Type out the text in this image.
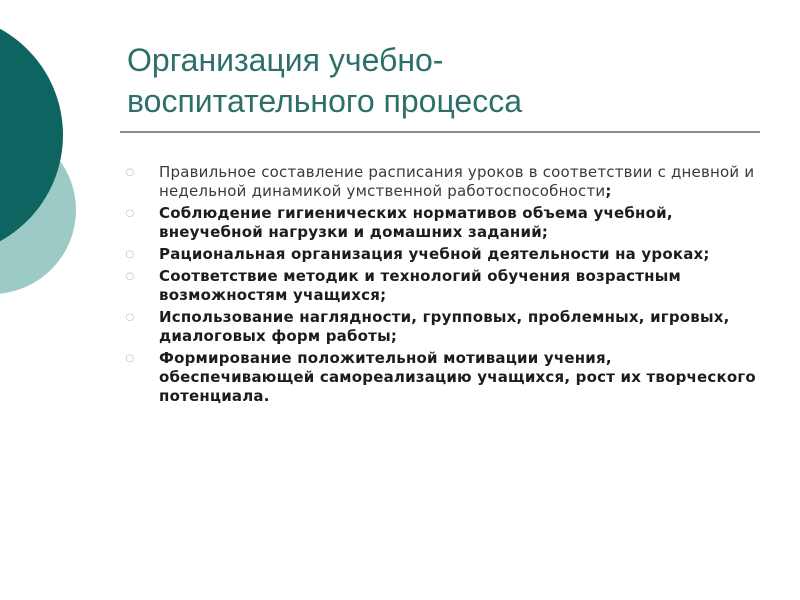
Организация учебно-
воспитательного процесса
○ Правильное составление расписания уроков в соответствии с дневной и недельной динамикой умственной работоспособности;
○ Соблюдение гигиенических нормативов объема учебной, внеучебной нагрузки и домашних заданий;
○ Рациональная организация учебной деятельности на уроках;
○ Соответствие методик и технологий обучения возрастным возможностям учащихся;
○ Использование наглядности, групповых, проблемных, игровых, диалоговых форм работы;
○ Формирование положительной мотивации учения, обеспечивающей самореализацию учащихся, рост их творческого потенциала.
